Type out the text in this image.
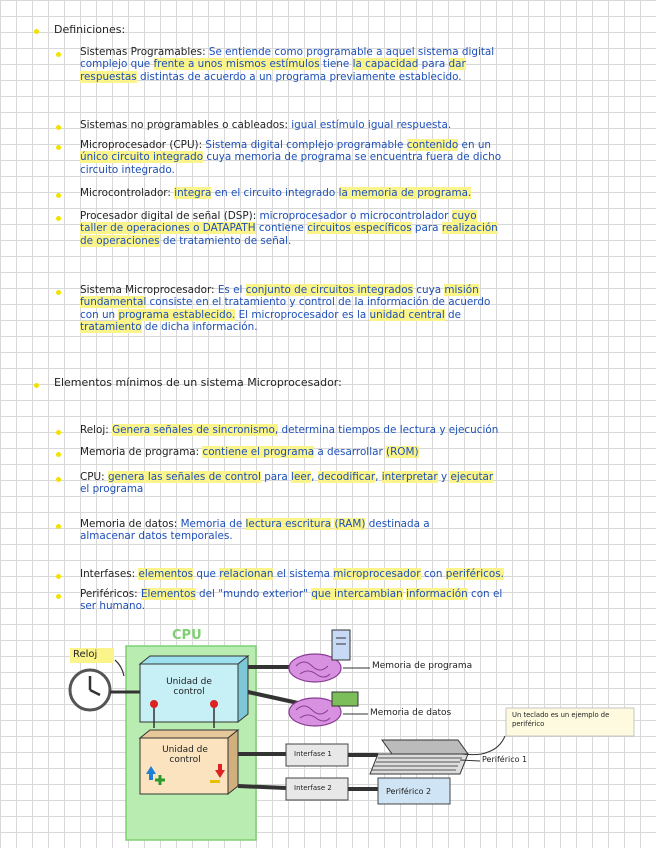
Definiciones:
Sistemas Programables: Se entiende como programable a aquel sistema digital
complejo que frente a unos mismos estímulos tiene la capacidad para dar
respuestas distintas de acuerdo a un programa previamente establecido.
Sistemas no programables o cableados: igual estímulo igual respuesta.
Microprocesador (CPU): Sistema digital complejo programable contenido en un
único circuito integrado cuya memoria de programa se encuentra fuera de dicho
circuito integrado.
Microcontrolador: integra en el circuito integrado la memoria de programa.
Procesador digital de señal (DSP): microprocesador o microcontrolador cuyo
taller de operaciones o DATAPATH contiene circuitos específicos para realización
de operaciones de tratamiento de señal.
Sistema Microprocesador: Es el conjunto de circuitos integrados cuya misión
fundamental consiste en el tratamiento y control de la información de acuerdo
con un programa establecido. El microprocesador es la unidad central de
tratamiento de dicha información.
Elementos mínimos de un sistema Microprocesador:
Reloj: Genera señales de sincronismo, determina tiempos de lectura y ejecución
Memoria de programa: contiene el programa a desarrollar (ROM)
CPU: genera las señales de control para leer, decodificar, interpretar y ejecutar
el programa
Memoria de datos: Memoria de lectura escritura (RAM) destinada a
almacenar datos temporales.
Interfases: elementos que relacionan el sistema microprocesador con periféricos.
Periféricos: Elementos del "mundo exterior" que intercambian información con el
ser humano.
CPU
Reloj
Unidad de control
Unidad de control
Memoria de programa
Memoria de datos
Interfase 1
Interfase 2
Periférico 1
Periférico 2
Un teclado es un ejemplo de periférico
